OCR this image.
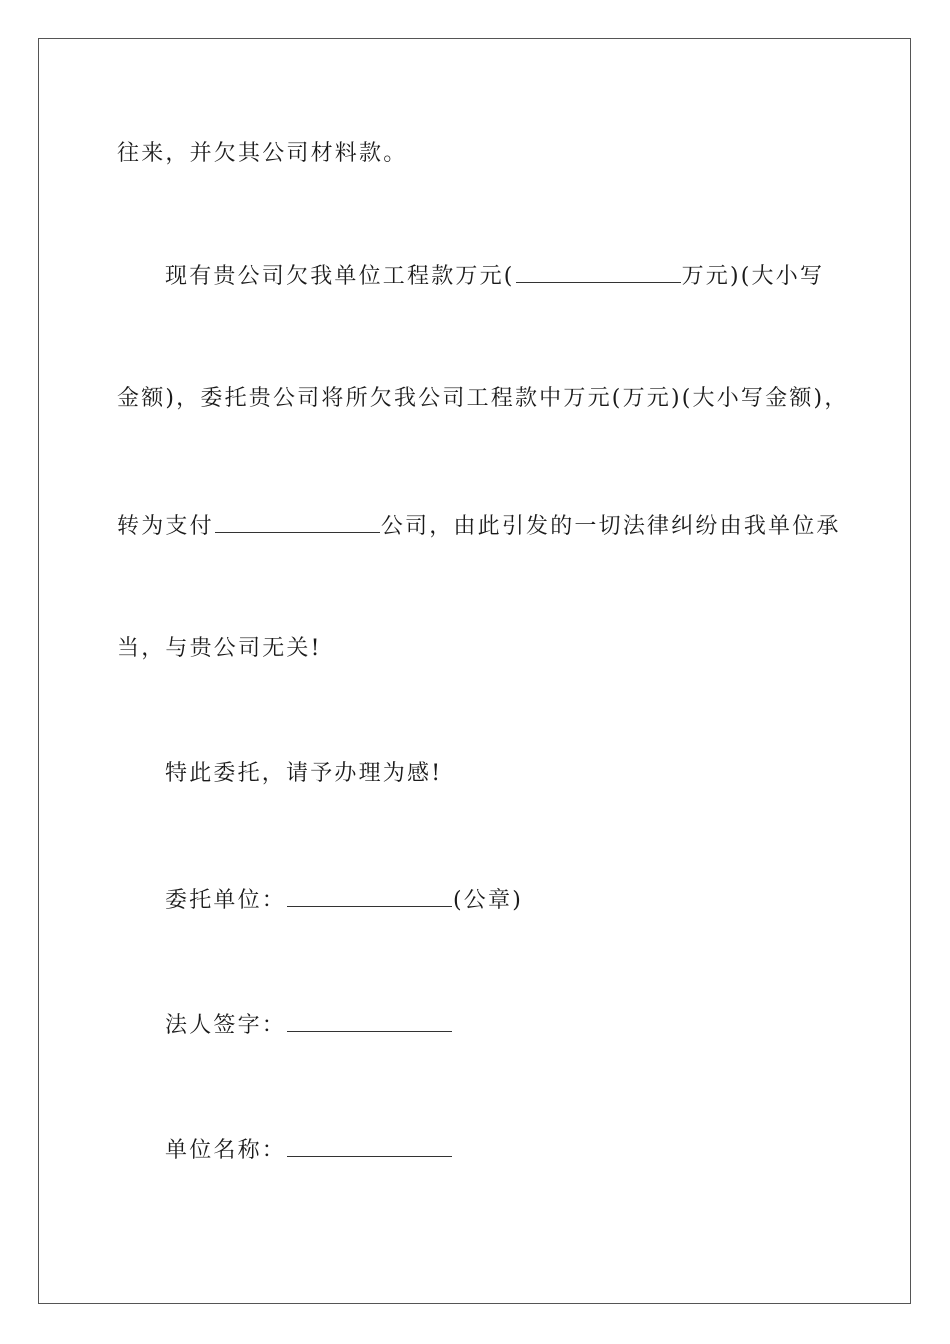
往来，并欠其公司材料款。
现有贵公司欠我单位工程款万元(	万元)(大小写
金额)，委托贵公司将所欠我公司工程款中万元(万元)(大小写金额)，
转为支付	公司，由此引发的一切法律纠纷由我单位承
当，与贵公司无关!
特此委托，请予办理为感!
委托单位：	(公章)
法人签字：
单位名称：
